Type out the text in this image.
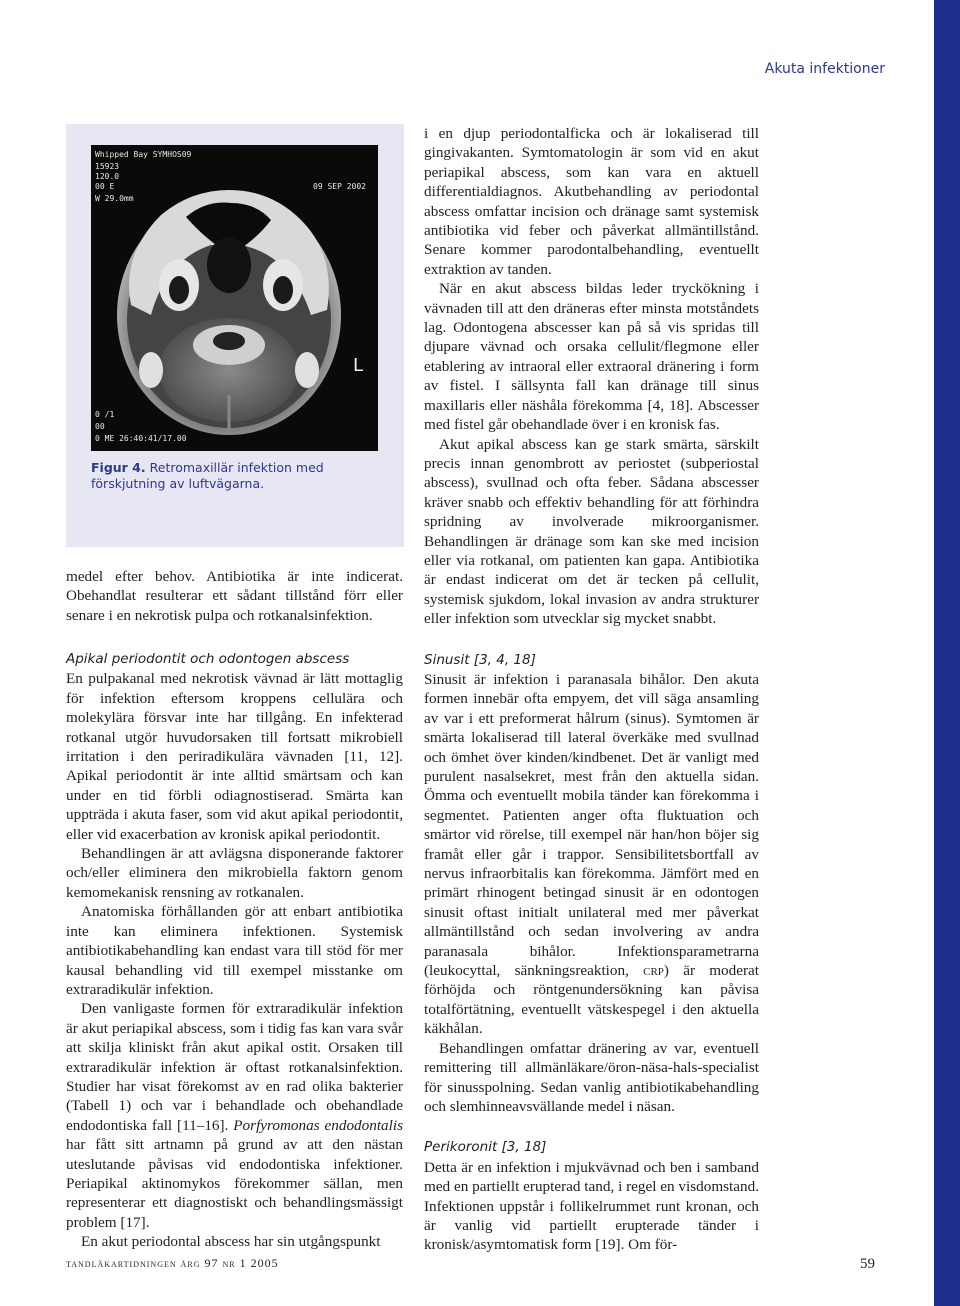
Akuta infektioner
Whipped Bay SYMHOS09
15923
120.0
00 E
W 29.0mm
09 SEP 2002
L
0 /1
00
0 ME 26:40:41/17.00
Figur 4. Retromaxillär infektion med förskjutning av luftvägarna.

medel efter behov. Antibiotika är inte indicerat. Obehandlat resulterar ett sådant tillstånd förr eller senare i en nekrotisk pulpa och rotkanalsinfektion.

Apikal periodontit och odontogen abscess

En pulpakanal med nekrotisk vävnad är lätt mottaglig för infektion eftersom kroppens cellulära och molekylära försvar inte har tillgång. En infekterad rotkanal utgör huvudorsaken till fortsatt mikrobiell irritation i den periradikulära vävnaden [11, 12]. Apikal periodontit är inte alltid smärtsam och kan under en tid förbli odiagnostiserad. Smärta kan uppträda i akuta faser, som vid akut apikal periodontit, eller vid exacerbation av kronisk apikal periodontit.

Behandlingen är att avlägsna disponerande faktorer och/eller eliminera den mikrobiella faktorn genom kemomekanisk rensning av rotkanalen.

Anatomiska förhållanden gör att enbart antibiotika inte kan eliminera infektionen. Systemisk antibiotikabehandling kan endast vara till stöd för mer kausal behandling vid till exempel misstanke om extraradikulär infektion.

Den vanligaste formen för extraradikulär infektion är akut periapikal abscess, som i tidig fas kan vara svår att skilja kliniskt från akut apikal ostit. Orsaken till extraradikulär infektion är oftast rotkanalsinfektion. Studier har visat förekomst av en rad olika bakterier (Tabell 1) och var i behandlade och obehandlade endodontiska fall [11–16]. Porfyromonas endodontalis har fått sitt artnamn på grund av att den nästan uteslutande påvisas vid endodontiska infektioner. Periapikal aktinomykos förekommer sällan, men representerar ett diagnostiskt och behandlingsmässigt problem [17].

En akut periodontal abscess har sin utgångspunkt

i en djup periodontalficka och är lokaliserad till gingivakanten. Symtomatologin är som vid en akut periapikal abscess, som kan vara en aktuell differentialdiagnos. Akutbehandling av periodontal abscess omfattar incision och dränage samt systemisk antibiotika vid feber och påverkat allmäntillstånd. Senare kommer parodontalbehandling, eventuellt extraktion av tanden.

När en akut abscess bildas leder tryckökning i vävnaden till att den dräneras efter minsta motståndets lag. Odontogena abscesser kan på så vis spridas till djupare vävnad och orsaka cellulit/flegmone eller etablering av intraoral eller extraoral dränering i form av fistel. I sällsynta fall kan dränage till sinus maxillaris eller näshåla förekomma [4, 18]. Abscesser med fistel går obehandlade över i en kronisk fas.

Akut apikal abscess kan ge stark smärta, särskilt precis innan genombrott av periostet (subperiostal abscess), svullnad och ofta feber. Sådana abscesser kräver snabb och effektiv behandling för att förhindra spridning av involverade mikroorganismer. Behandlingen är dränage som kan ske med incision eller via rotkanal, om patienten kan gapa. Antibiotika är endast indicerat om det är tecken på cellulit, systemisk sjukdom, lokal invasion av andra strukturer eller infektion som utvecklar sig mycket snabbt.

Sinusit [3, 4, 18]

Sinusit är infektion i paranasala bihålor. Den akuta formen innebär ofta empyem, det vill säga ansamling av var i ett preformerat hålrum (sinus). Symtomen är smärta lokaliserad till lateral överkäke med svullnad och ömhet över kinden/kindbenet. Det är vanligt med purulent nasalsekret, mest från den aktuella sidan. Ömma och eventuellt mobila tänder kan förekomma i segmentet. Patienten anger ofta fluktuation och smärtor vid rörelse, till exempel när han/hon böjer sig framåt eller går i trappor. Sensibilitetsbortfall av nervus infraorbitalis kan förekomma. Jämfört med en primärt rhinogent betingad sinusit är en odontogen sinusit oftast initialt unilateral med mer påverkat allmäntillstånd och sedan involvering av andra paranasala bihålor. Infektionsparametrarna (leukocyttal, sänkningsreaktion, crp) är moderat förhöjda och röntgenundersökning kan påvisa totalförtätning, eventuellt vätskespegel i den aktuella käkhålan.

Behandlingen omfattar dränering av var, eventuell remittering till allmänläkare/öron-näsa-hals-specialist för sinusspolning. Sedan vanlig antibiotikabehandling och slemhinneavsvällande medel i näsan.

Perikoronit [3, 18]

Detta är en infektion i mjukvävnad och ben i samband med en partiellt erupterad tand, i regel en visdomstand. Infektionen uppstår i follikelrummet runt kronan, och är vanlig vid partiellt erupterade tänder i kronisk/asymtomatisk form [19]. Om för-

tandläkartidningen årg 97 nr 1 2005	59
